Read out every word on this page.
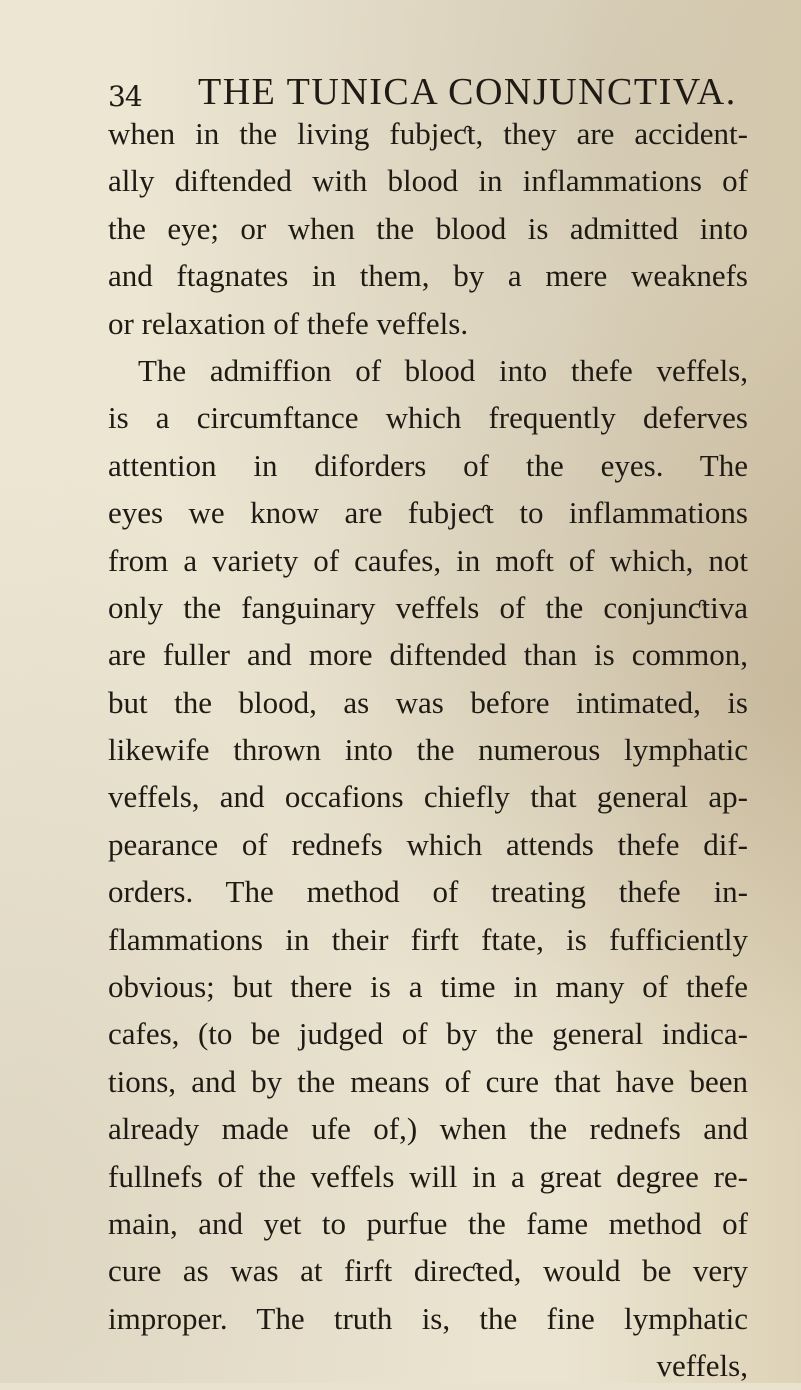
34 THE TUNICA CONJUNCTIVA.
when in the living fubjeƈt, they are accident-
ally diftended with blood in inflammations of
the eye; or when the blood is admitted into
and ftagnates in them, by a mere weaknefs
or relaxation of thefe veffels.
The admiffion of blood into thefe veffels,
is a circumftance which frequently deferves
attention in diforders of the eyes. The
eyes we know are fubjeƈt to inflammations
from a variety of caufes, in moft of which, not
only the fanguinary veffels of the conjunƈtiva
are fuller and more diftended than is common,
but the blood, as was before intimated, is
likewife thrown into the numerous lymphatic
veffels, and occafions chiefly that general ap-
pearance of rednefs which attends thefe dif-
orders. The method of treating thefe in-
flammations in their firft ftate, is fufficiently
obvious; but there is a time in many of thefe
cafes, (to be judged of by the general indica-
tions, and by the means of cure that have been
already made ufe of,) when the rednefs and
fullnefs of the veffels will in a great degree re-
main, and yet to purfue the fame method of
cure as was at firft direƈted, would be very
improper. The truth is, the fine lymphatic
veffels,
